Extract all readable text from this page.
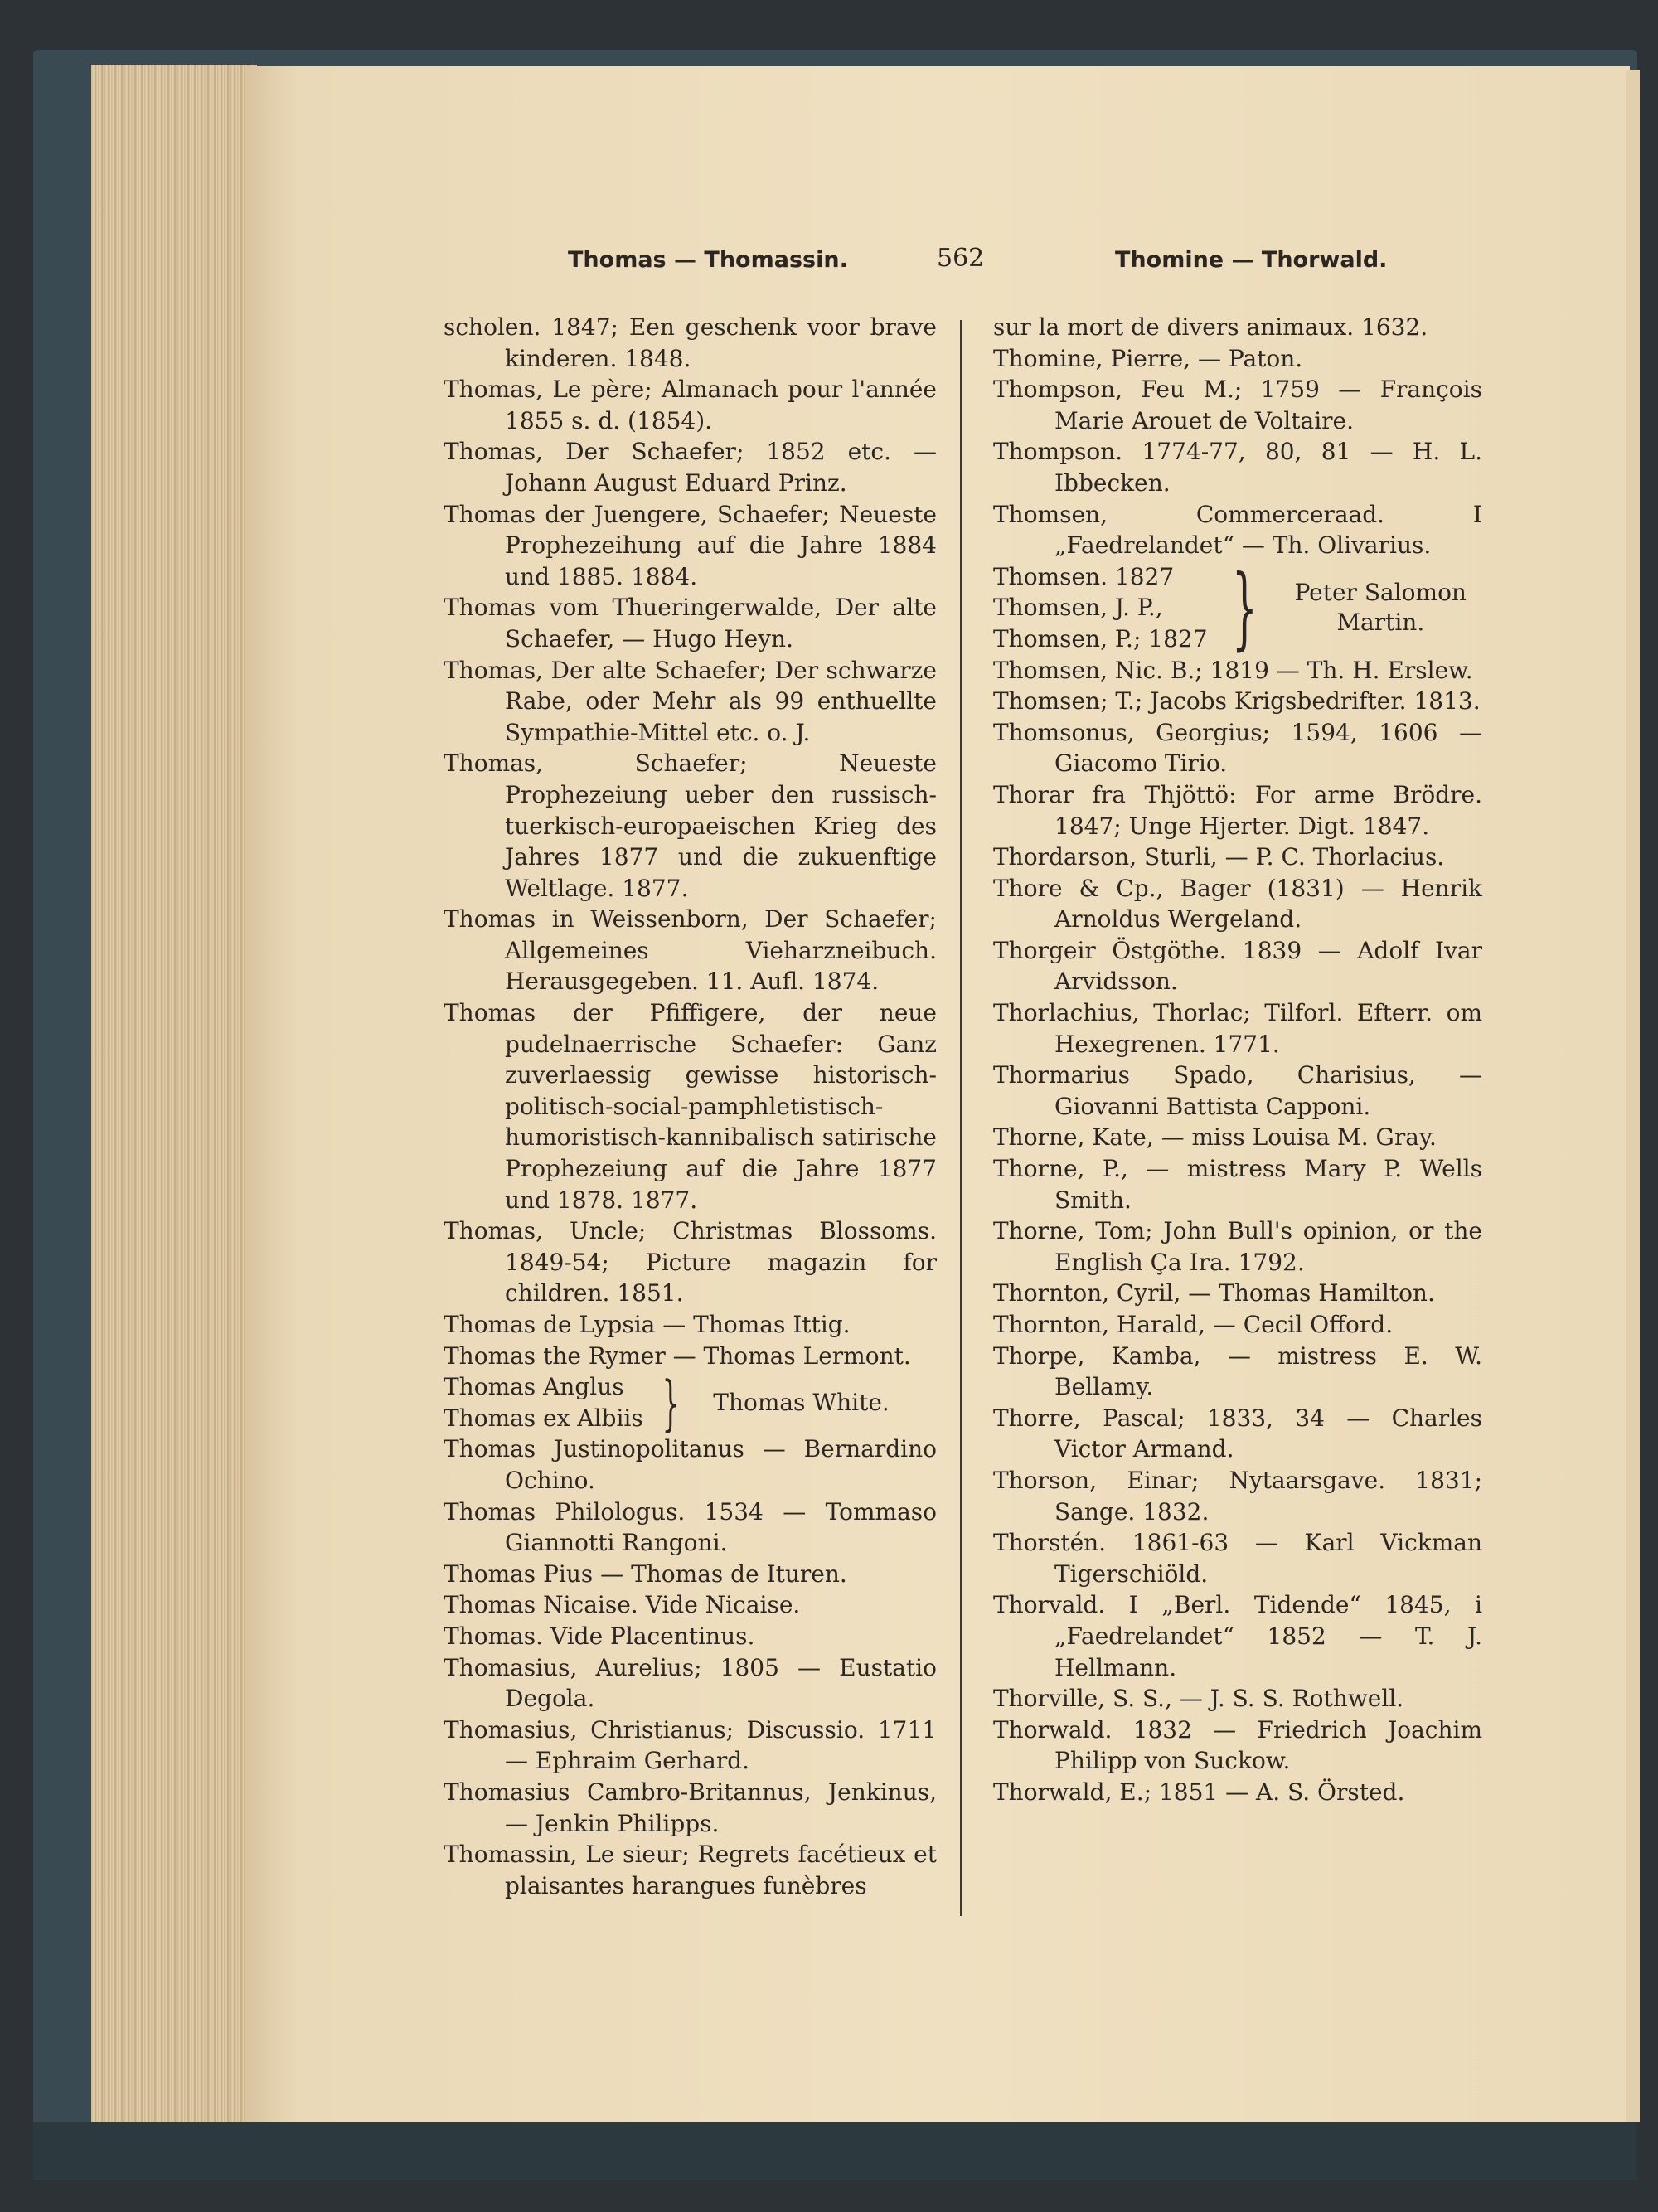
Thomas — Thomassin.	562	Thomine — Thorwald.

scholen. 1847; Een geschenk voor brave kinderen. 1848.

Thomas, Le père; Almanach pour l'année 1855 s. d. (1854).

Thomas, Der Schaefer; 1852 etc. — Johann August Eduard Prinz.

Thomas der Juengere, Schaefer; Neueste Prophezeihung auf die Jahre 1884 und 1885. 1884.

Thomas vom Thueringerwalde, Der alte Schaefer, — Hugo Heyn.

Thomas, Der alte Schaefer; Der schwarze Rabe, oder Mehr als 99 enthuellte Sympathie-Mittel etc. o. J.

Thomas, Schaefer; Neueste Prophezeiung ueber den russisch-tuerkisch-europaeischen Krieg des Jahres 1877 und die zukuenftige Weltlage. 1877.

Thomas in Weissenborn, Der Schaefer; Allgemeines Vieharzneibuch. Herausgegeben. 11. Aufl. 1874.

Thomas der Pfiffigere, der neue pudelnaerrische Schaefer: Ganz zuverlaessig gewisse historisch-politisch-social-pamphletistisch-humoristisch-kannibalisch satirische Prophezeiung auf die Jahre 1877 und 1878. 1877.

Thomas, Uncle; Christmas Blossoms. 1849-54; Picture magazin for children. 1851.

Thomas de Lypsia — Thomas Ittig.

Thomas the Rymer — Thomas Lermont.

Thomas Anglus
Thomas ex Albiis }	Thomas White.

Thomas Justinopolitanus — Bernardino Ochino.

Thomas Philologus. 1534 — Tommaso Giannotti Rangoni.

Thomas Pius — Thomas de Ituren.

Thomas Nicaise. Vide Nicaise.

Thomas. Vide Placentinus.

Thomasius, Aurelius; 1805 — Eustatio Degola.

Thomasius, Christianus; Discussio. 1711 — Ephraim Gerhard.

Thomasius Cambro-Britannus, Jenkinus, — Jenkin Philipps.

Thomassin, Le sieur; Regrets facétieux et plaisantes harangues funèbres

sur la mort de divers animaux. 1632.

Thomine, Pierre, — Paton.

Thompson, Feu M.; 1759 — François Marie Arouet de Voltaire.

Thompson. 1774-77, 80, 81 — H. L. Ibbecken.

Thomsen, Commerceraad. I „Faedrelandet“ — Th. Olivarius.

Thomsen. 1827
Thomsen, J. P.,
Thomsen, P.; 1827 }	Peter Salomon Martin.

Thomsen, Nic. B.; 1819 — Th. H. Erslew.

Thomsen; T.; Jacobs Krigsbedrifter. 1813.

Thomsonus, Georgius; 1594, 1606 — Giacomo Tirio.

Thorar fra Thjöttö: For arme Brödre. 1847; Unge Hjerter. Digt. 1847.

Thordarson, Sturli, — P. C. Thorlacius.

Thore & Cp., Bager (1831) — Henrik Arnoldus Wergeland.

Thorgeir Östgöthe. 1839 — Adolf Ivar Arvidsson.

Thorlachius, Thorlac; Tilforl. Efterr. om Hexegrenen. 1771.

Thormarius Spado, Charisius, — Giovanni Battista Capponi.

Thorne, Kate, — miss Louisa M. Gray.

Thorne, P., — mistress Mary P. Wells Smith.

Thorne, Tom; John Bull's opinion, or the English Ça Ira. 1792.

Thornton, Cyril, — Thomas Hamilton.

Thornton, Harald, — Cecil Offord.

Thorpe, Kamba, — mistress E. W. Bellamy.

Thorre, Pascal; 1833, 34 — Charles Victor Armand.

Thorson, Einar; Nytaarsgave. 1831; Sange. 1832.

Thorstén. 1861-63 — Karl Vickman Tigerschiöld.

Thorvald. I „Berl. Tidende“ 1845, i „Faedrelandet“ 1852 — T. J. Hellmann.

Thorville, S. S., — J. S. S. Rothwell.

Thorwald. 1832 — Friedrich Joachim Philipp von Suckow.

Thorwald, E.; 1851 — A. S. Örsted.
